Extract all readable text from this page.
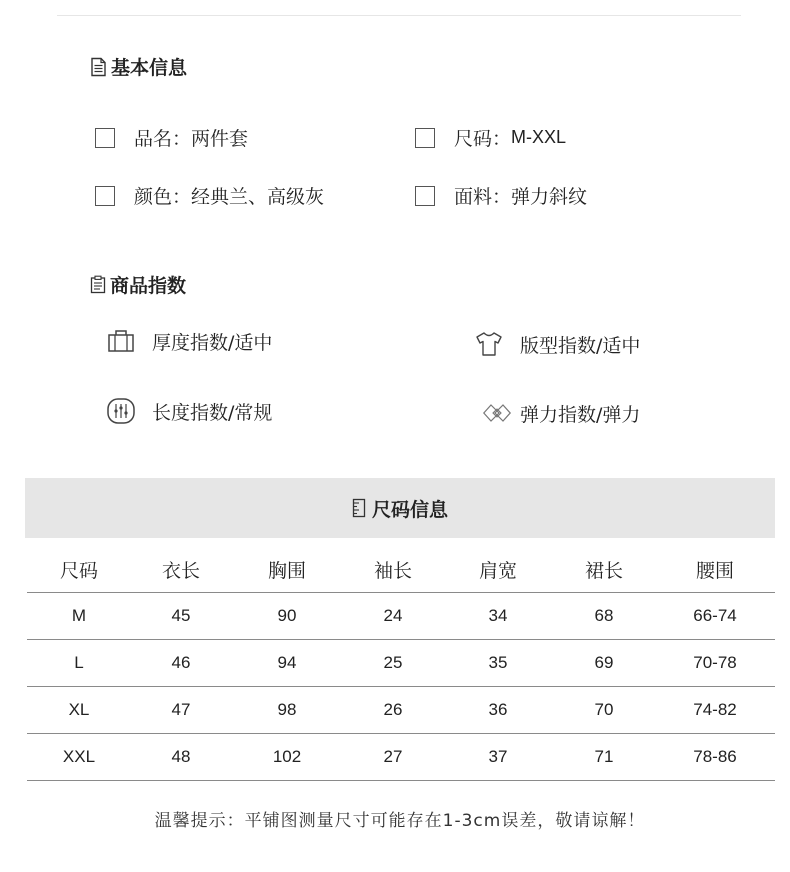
基本信息
品名 ： 两件套	尺码 ： M-XXL
颜色 ： 经典兰、高级灰	面料 ： 弹力斜纹
商品指数
厚度指数/适中	版型指数/适中
长度指数/常规	弹力指数/弹力
尺码信息
尺码	衣长	胸围	袖长	肩宽	裙长	腰围
M	45	90	24	34	68	66-74
L	46	94	25	35	69	70-78
XL	47	98	26	36	70	74-82
XXL	48	102	27	37	71	78-86
温馨提示：平铺图测量尺寸可能存在1-3cm误差，敬请谅解！
